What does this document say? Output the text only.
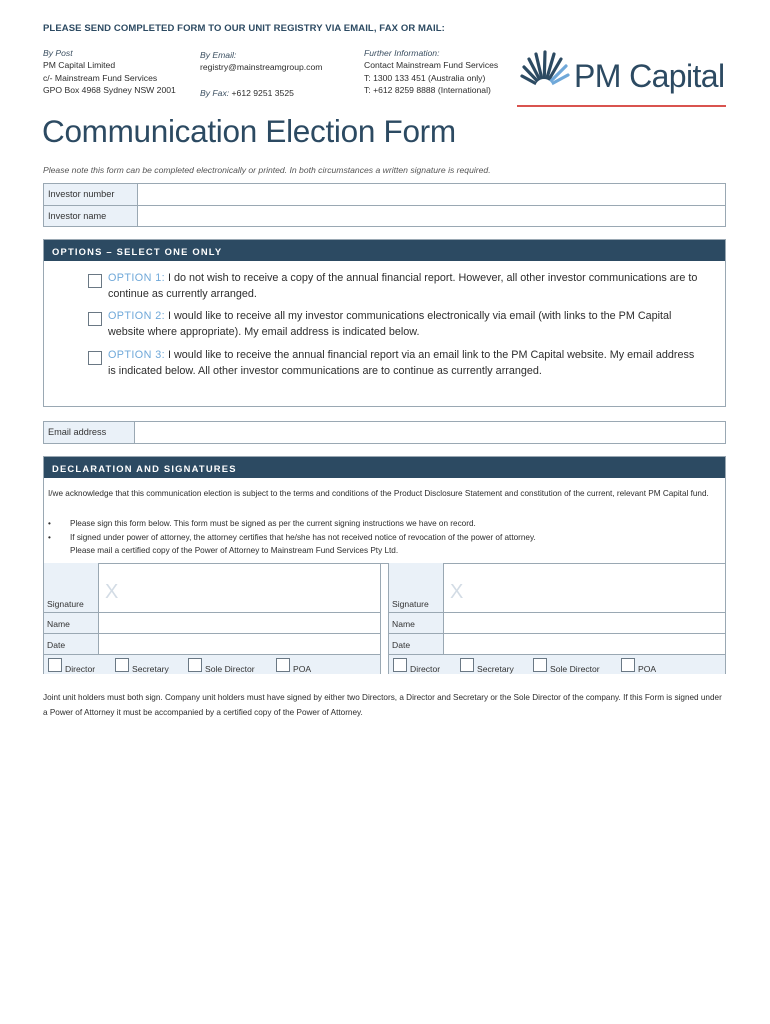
PLEASE SEND COMPLETED FORM TO OUR UNIT REGISTRY VIA EMAIL, FAX OR MAIL:
By Post
PM Capital Limited
c/- Mainstream Fund Services
GPO Box 4968 Sydney NSW 2001
By Email:
registry@mainstreamgroup.com
By Fax: +612 9251 3525
Further Information:
Contact Mainstream Fund Services
T: 1300 133 451 (Australia only)
T: +612 8259 8888 (International)	PM Capital
Communication Election Form
Please note this form can be completed electronically or printed. In both circumstances a written signature is required.
Investor number
Investor name
OPTIONS – SELECT ONE ONLY
OPTION 1: I do not wish to receive a copy of the annual financial report. However, all other investor communications are to continue as currently arranged.
OPTION 2: I would like to receive all my investor communications electronically via email (with links to the PM Capital website where appropriate). My email address is indicated below.
OPTION 3: I would like to receive the annual financial report via an email link to the PM Capital website. My email address is indicated below. All other investor communications are to continue as currently arranged.
Email address
DECLARATION AND SIGNATURES
I/we acknowledge that this communication election is subject to the terms and conditions of the Product Disclosure Statement and constitution of the current, relevant PM Capital fund.
• Please sign this form below. This form must be signed as per the current signing instructions we have on record.
• If signed under power of attorney, the attorney certifies that he/she has not received notice of revocation of the power of attorney.
Please mail a certified copy of the Power of Attorney to Mainstream Fund Services Pty Ltd.
Signature
X
Name
Date
Director	Secretary	Sole Director	POA
Signature
X
Name
Date
Director	Secretary	Sole Director	POA
Joint unit holders must both sign. Company unit holders must have signed by either two Directors, a Director and Secretary or the Sole Director of the company. If this Form is signed under a Power of Attorney it must be accompanied by a certified copy of the Power of Attorney.
